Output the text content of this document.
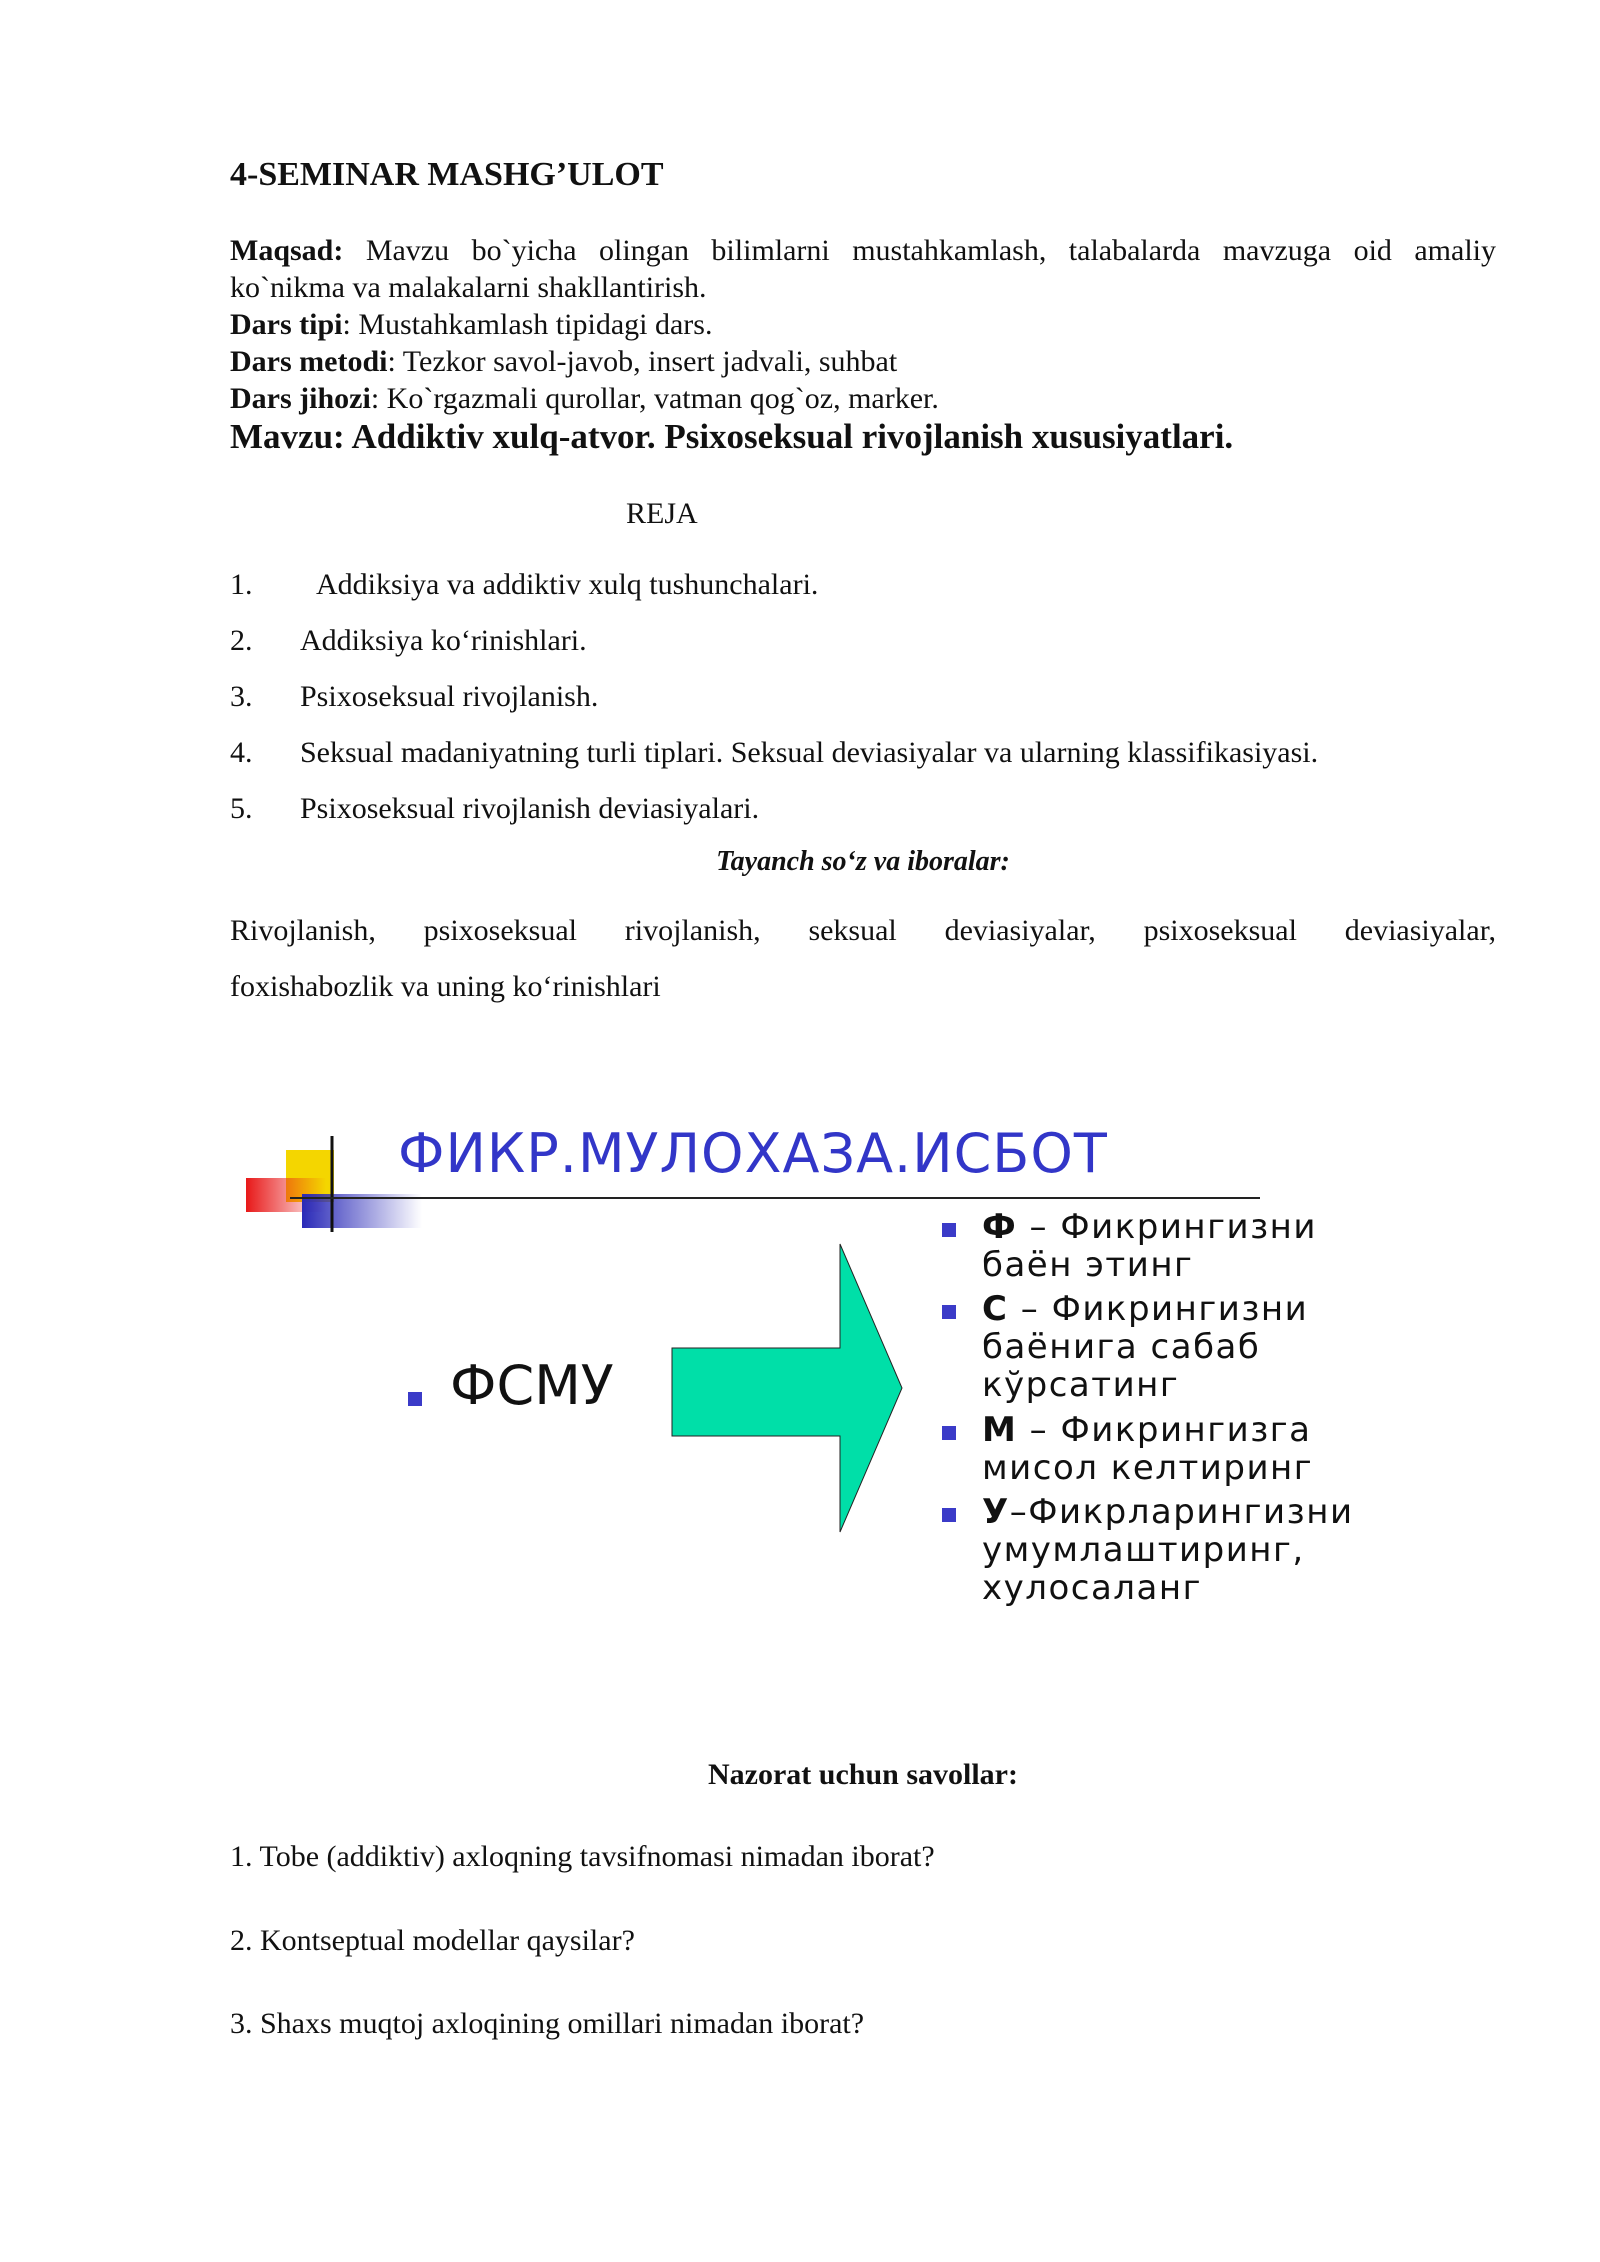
4-SEMINAR MASHG’ULOT
Maqsad: Mavzu bo`yicha olingan bilimlarni mustahkamlash, talabalarda mavzuga oid amaliy
ko`nikma va malakalarni shakllantirish.
Dars tipi: Mustahkamlash tipidagi dars.
Dars metodi: Tezkor savol-javob, insert jadvali, suhbat
Dars jihozi: Ko`rgazmali qurollar, vatman qog`oz, marker.
Mavzu: Addiktiv xulq-atvor. Psixoseksual rivojlanish xususiyatlari.
REJA
1. Addiksiya va addiktiv xulq tushunchalari.
2. Addiksiya ko‘rinishlari.
3. Psixoseksual rivojlanish.
4. Seksual madaniyatning turli tiplari. Seksual deviasiyalar va ularning klassifikasiyasi.
5. Psixoseksual rivojlanish deviasiyalari.
Tayanch so‘z va iboralar:
Rivojlanish, psixoseksual rivojlanish, seksual deviasiyalar, psixoseksual deviasiyalar,
foxishabozlik va uning ko‘rinishlari
ФИКР.МУЛОХАЗА.ИСБОТ
ФСМУ
Ф – Фикрингизни
баён этинг
С – Фикрингизни
баёнига сабаб
кўрсатинг
М – Фикрингизга
мисол келтиринг
У–Фикрларингизни
умумлаштиринг,
хулосаланг
Nazorat uchun savollar:
1. Tobe (addiktiv) axloqning tavsifnomasi nimadan iborat?
2. Kontseptual modellar qaysilar?
3. Shaxs muqtoj axloqining omillari nimadan iborat?
